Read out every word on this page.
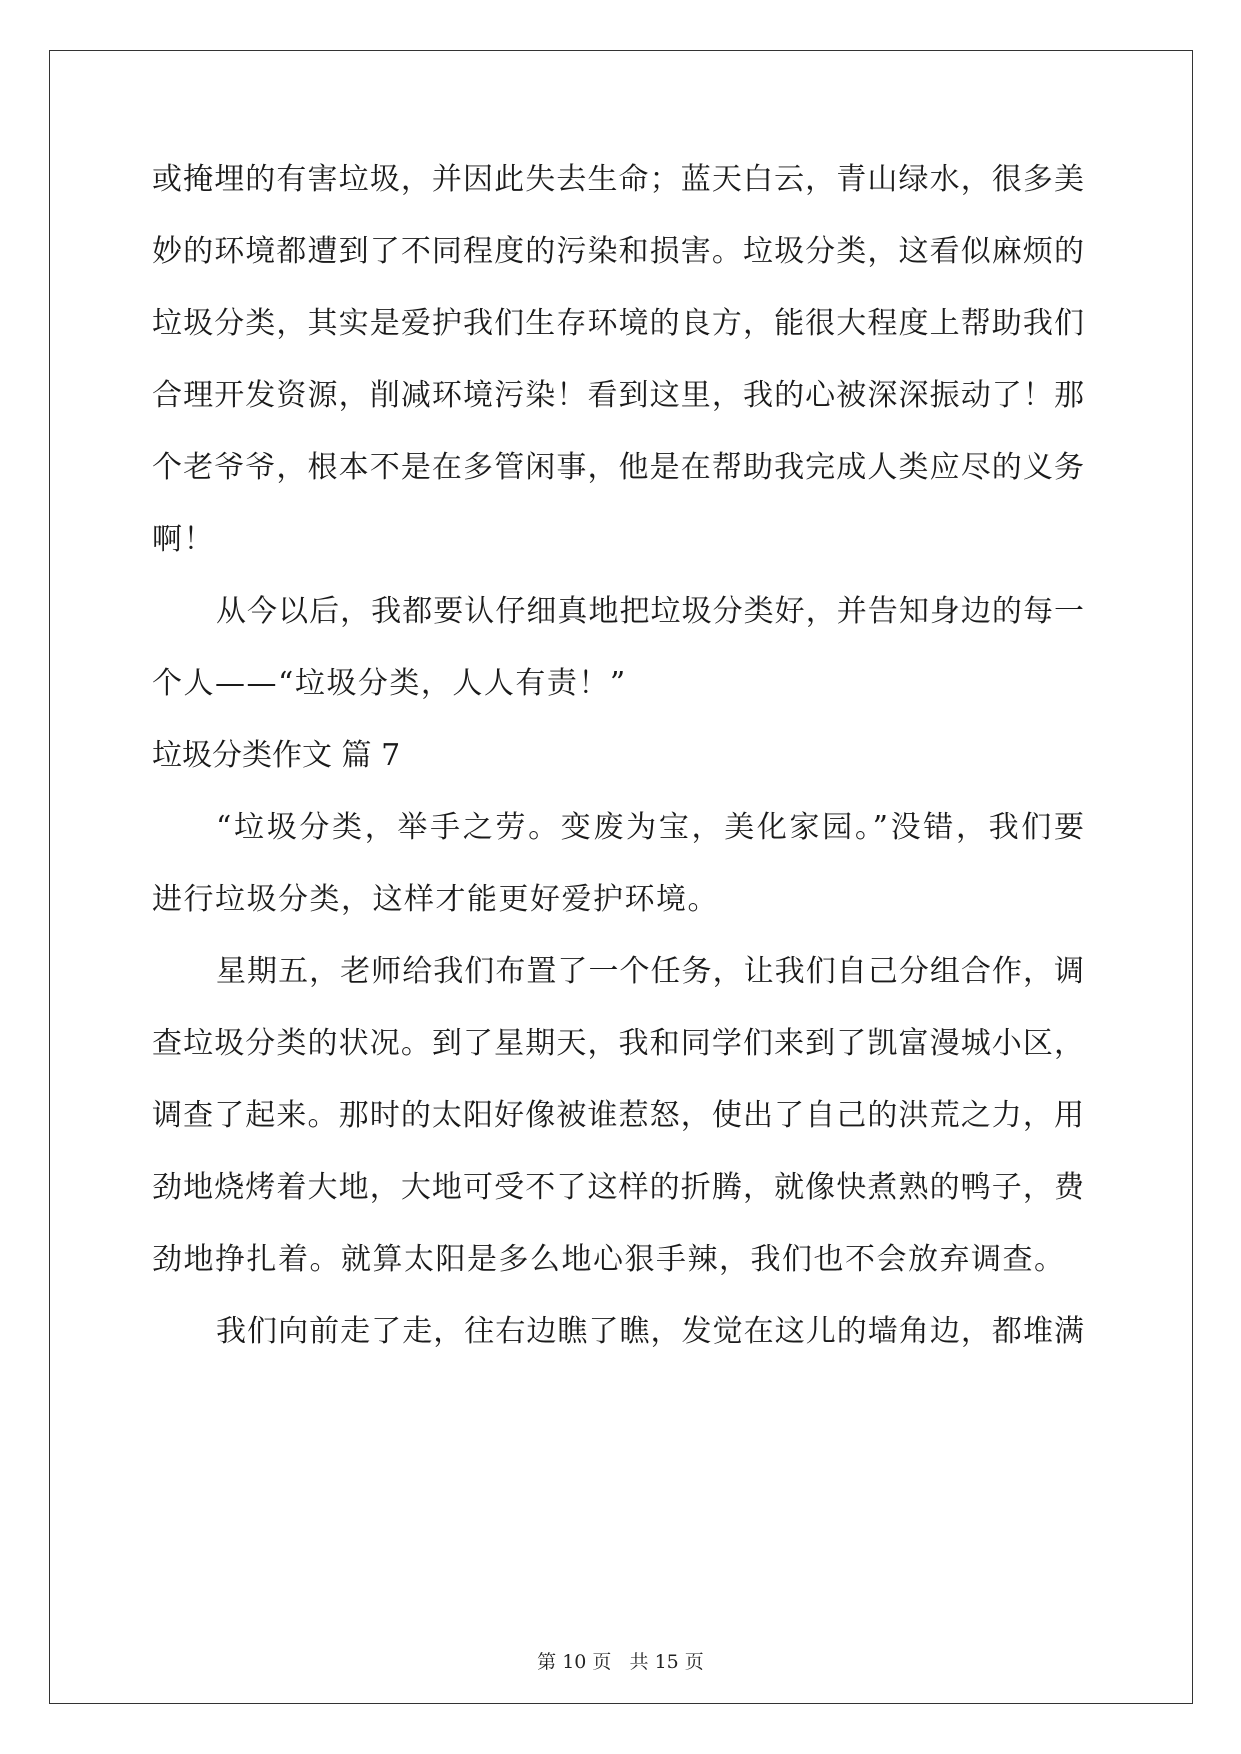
或掩埋的有害垃圾，并因此失去生命；蓝天白云，青山绿水，很多美
妙的环境都遭到了不同程度的污染和损害。垃圾分类，这看似麻烦的
垃圾分类，其实是爱护我们生存环境的良方，能很大程度上帮助我们
合理开发资源，削减环境污染！看到这里，我的心被深深振动了！那
个老爷爷，根本不是在多管闲事，他是在帮助我完成人类应尽的义务
啊！
从今以后，我都要认仔细真地把垃圾分类好，并告知身边的每一
个人——“垃圾分类，人人有责！”
垃圾分类作文 篇 7
“垃圾分类，举手之劳。变废为宝，美化家园。”没错，我们要
进行垃圾分类，这样才能更好爱护环境。
星期五，老师给我们布置了一个任务，让我们自己分组合作，调
查垃圾分类的状况。到了星期天，我和同学们来到了凯富漫城小区，
调查了起来。那时的太阳好像被谁惹怒，使出了自己的洪荒之力，用
劲地烧烤着大地，大地可受不了这样的折腾，就像快煮熟的鸭子，费
劲地挣扎着。就算太阳是多么地心狠手辣，我们也不会放弃调查。
我们向前走了走，往右边瞧了瞧，发觉在这儿的墙角边，都堆满
第 10 页   共 15 页
